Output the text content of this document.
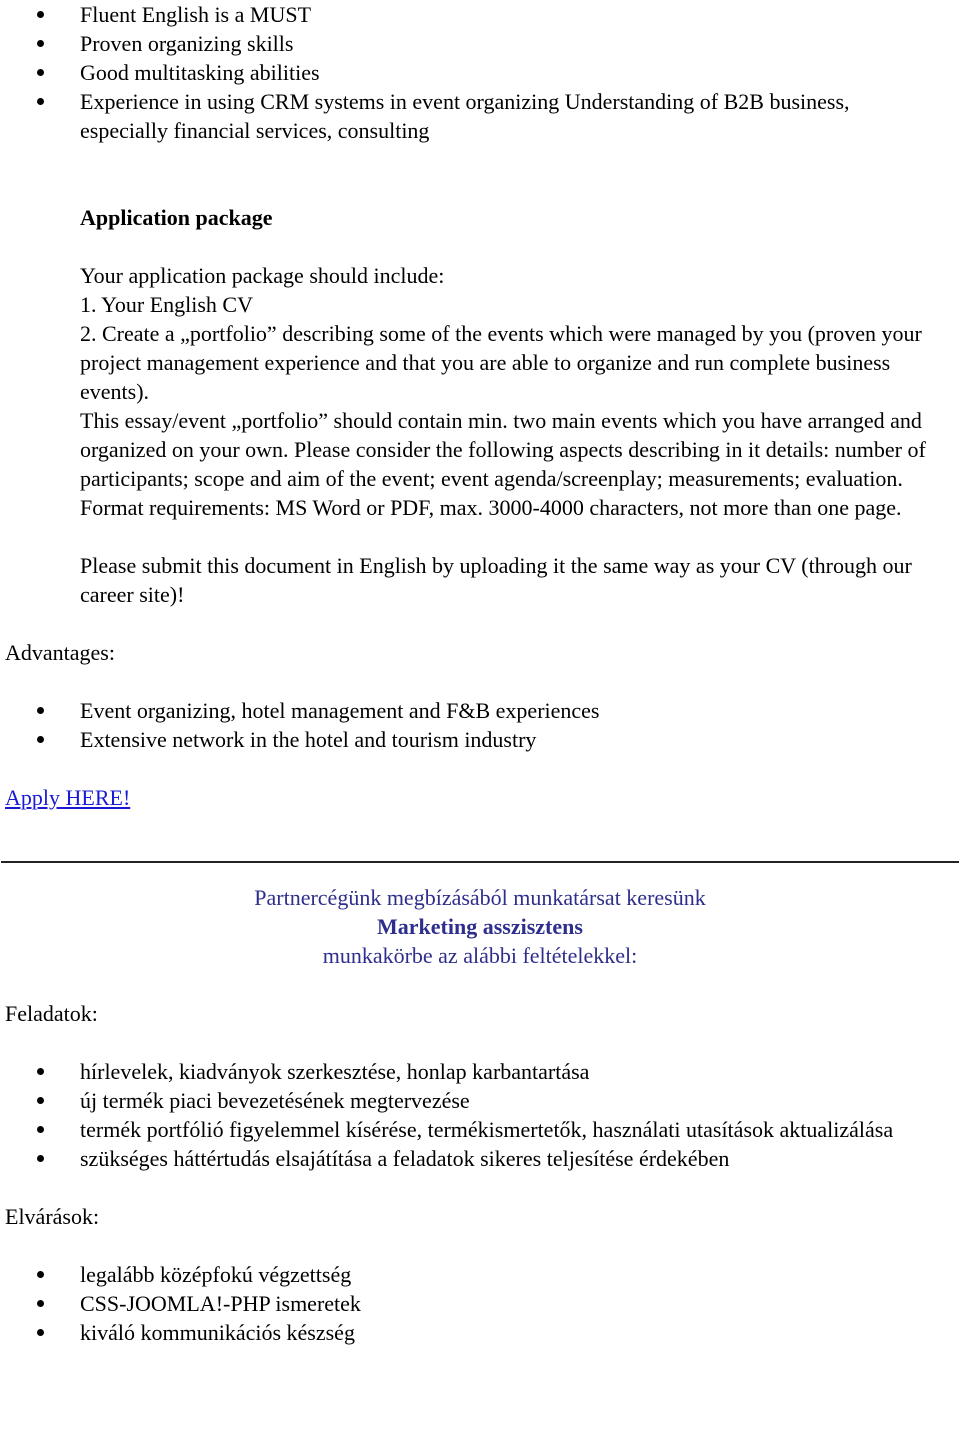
Fluent English is a MUST
Proven organizing skills
Good multitasking abilities
Experience in using CRM systems in event organizing Understanding of B2B business, especially financial services, consulting
Application package
Your application package should include:
1. Your English CV
2. Create a „portfolio” describing some of the events which were managed by you (proven your project management experience and that you are able to organize and run complete business events).
This essay/event „portfolio” should contain min. two main events which you have arranged and organized on your own. Please consider the following aspects describing in it details: number of participants; scope and aim of the event; event agenda/screenplay; measurements; evaluation.
Format requirements: MS Word or PDF, max. 3000-4000 characters, not more than one page.
Please submit this document in English by uploading it the same way as your CV (through our career site)!
Advantages:
Event organizing, hotel management and F&B experiences
Extensive network in the hotel and tourism industry
Apply HERE!
Partnercégünk megbízásából munkatársat keresünk
Marketing asszisztens
munkakörbe az alábbi feltételekkel:
Feladatok:
hírlevelek, kiadványok szerkesztése, honlap karbantartása
új termék piaci bevezetésének megtervezése
termék portfólió figyelemmel kísérése, termékismertetők, használati utasítások aktualizálása
szükséges háttértudás elsajátítása a feladatok sikeres teljesítése érdekében
Elvárások:
legalább középfokú végzettség
CSS-JOOMLA!-PHP ismeretek
kiváló kommunikációs készség
